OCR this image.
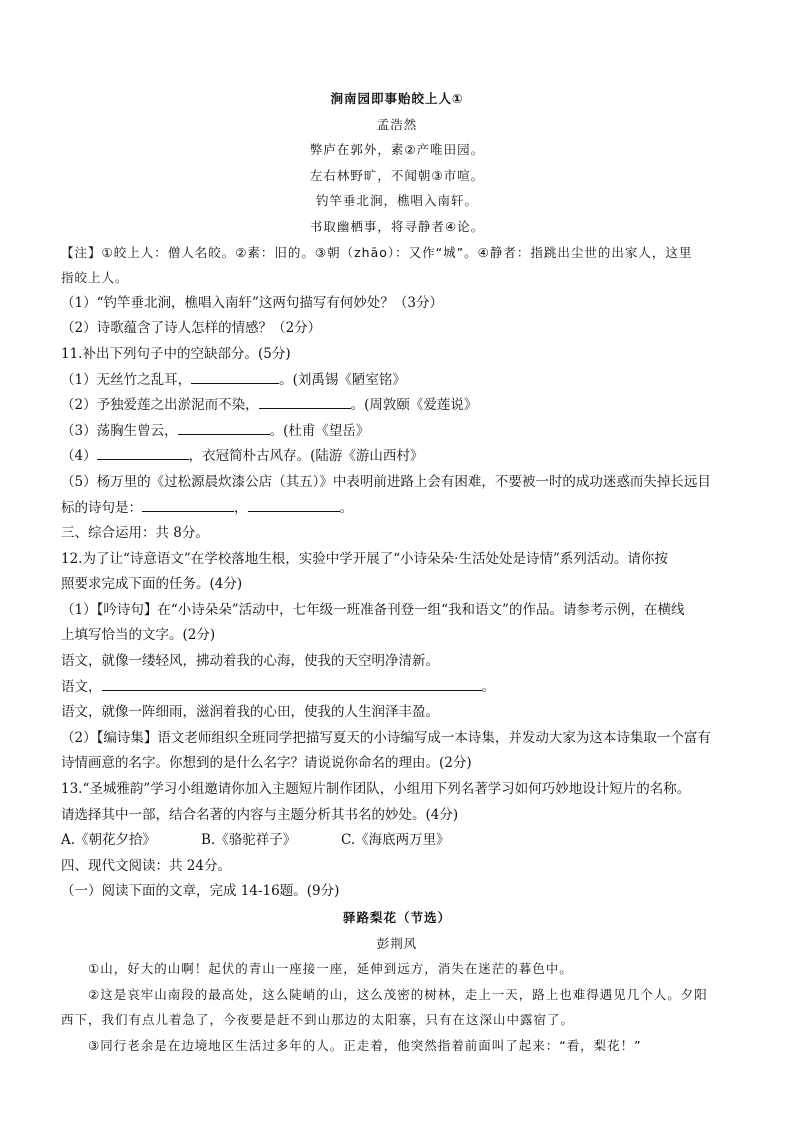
涧南园即事贻皎上人①
孟浩然
弊庐在郭外，素②产唯田园。
左右林野旷，不闻朝③市喧。
钓竿垂北涧，樵唱入南轩。
书取幽栖事，将寻静者④论。
【注】①皎上人：僧人名皎。②素：旧的。③朝（zhāo）：又作“城”。④静者：指跳出尘世的出家人，这里
指皎上人。
（1）“钓竿垂北涧，樵唱入南轩”这两句描写有何妙处？（3分）
（2）诗歌蕴含了诗人怎样的情感？（2分）
11.补出下列句子中的空缺部分。(5分)
（1）无丝竹之乱耳，	。(刘禹锡《陋室铭》
（2）予独爱莲之出淤泥而不染，	。(周敦颐《爱莲说》
（3）荡胸生曾云，	。(杜甫《望岳》
（4）	，衣冠简朴古风存。(陆游《游山西村》
（5）杨万里的《过松源晨炊漆公店（其五）》中表明前进路上会有困难，不要被一时的成功迷惑而失掉长远目
标的诗句是：	，	。
三、综合运用：共 8分。
12.为了让“诗意语文”在学校落地生根，实验中学开展了“小诗朵朵·生活处处是诗情”系列活动。请你按
照要求完成下面的任务。(4分)
（1）【吟诗句】在“小诗朵朵”活动中，七年级一班准备刊登一组“我和语文”的作品。请参考示例，在横线
上填写恰当的文字。(2分)
语文，就像一缕轻风，拂动着我的心海，使我的天空明净清新。
语文，	。
语文，就像一阵细雨，滋润着我的心田，使我的人生润泽丰盈。
（2）【编诗集】语文老师组织全班同学把描写夏天的小诗编写成一本诗集，并发动大家为这本诗集取一个富有
诗情画意的名字。你想到的是什么名字？请说说你命名的理由。(2分)
13.“圣城雅韵”学习小组邀请你加入主题短片制作团队，小组用下列名著学习如何巧妙地设计短片的名称。
请选择其中一部，结合名著的内容与主题分析其书名的妙处。(4分)
A.《朝花夕拾》	B.《骆驼祥子》	C.《海底两万里》
四、现代文阅读：共 24分。
（一）阅读下面的文章，完成 14-16题。(9分)
驿路梨花（节选）
彭荆风
①山，好大的山啊！起伏的青山一座接一座，延伸到远方，消失在迷茫的暮色中。
②这是哀牢山南段的最高处，这么陡峭的山，这么茂密的树林，走上一天，路上也难得遇见几个人。夕阳
西下，我们有点儿着急了，今夜要是赶不到山那边的太阳寨，只有在这深山中露宿了。
③同行老余是在边境地区生活过多年的人。正走着，他突然指着前面叫了起来：“看，梨花！”
